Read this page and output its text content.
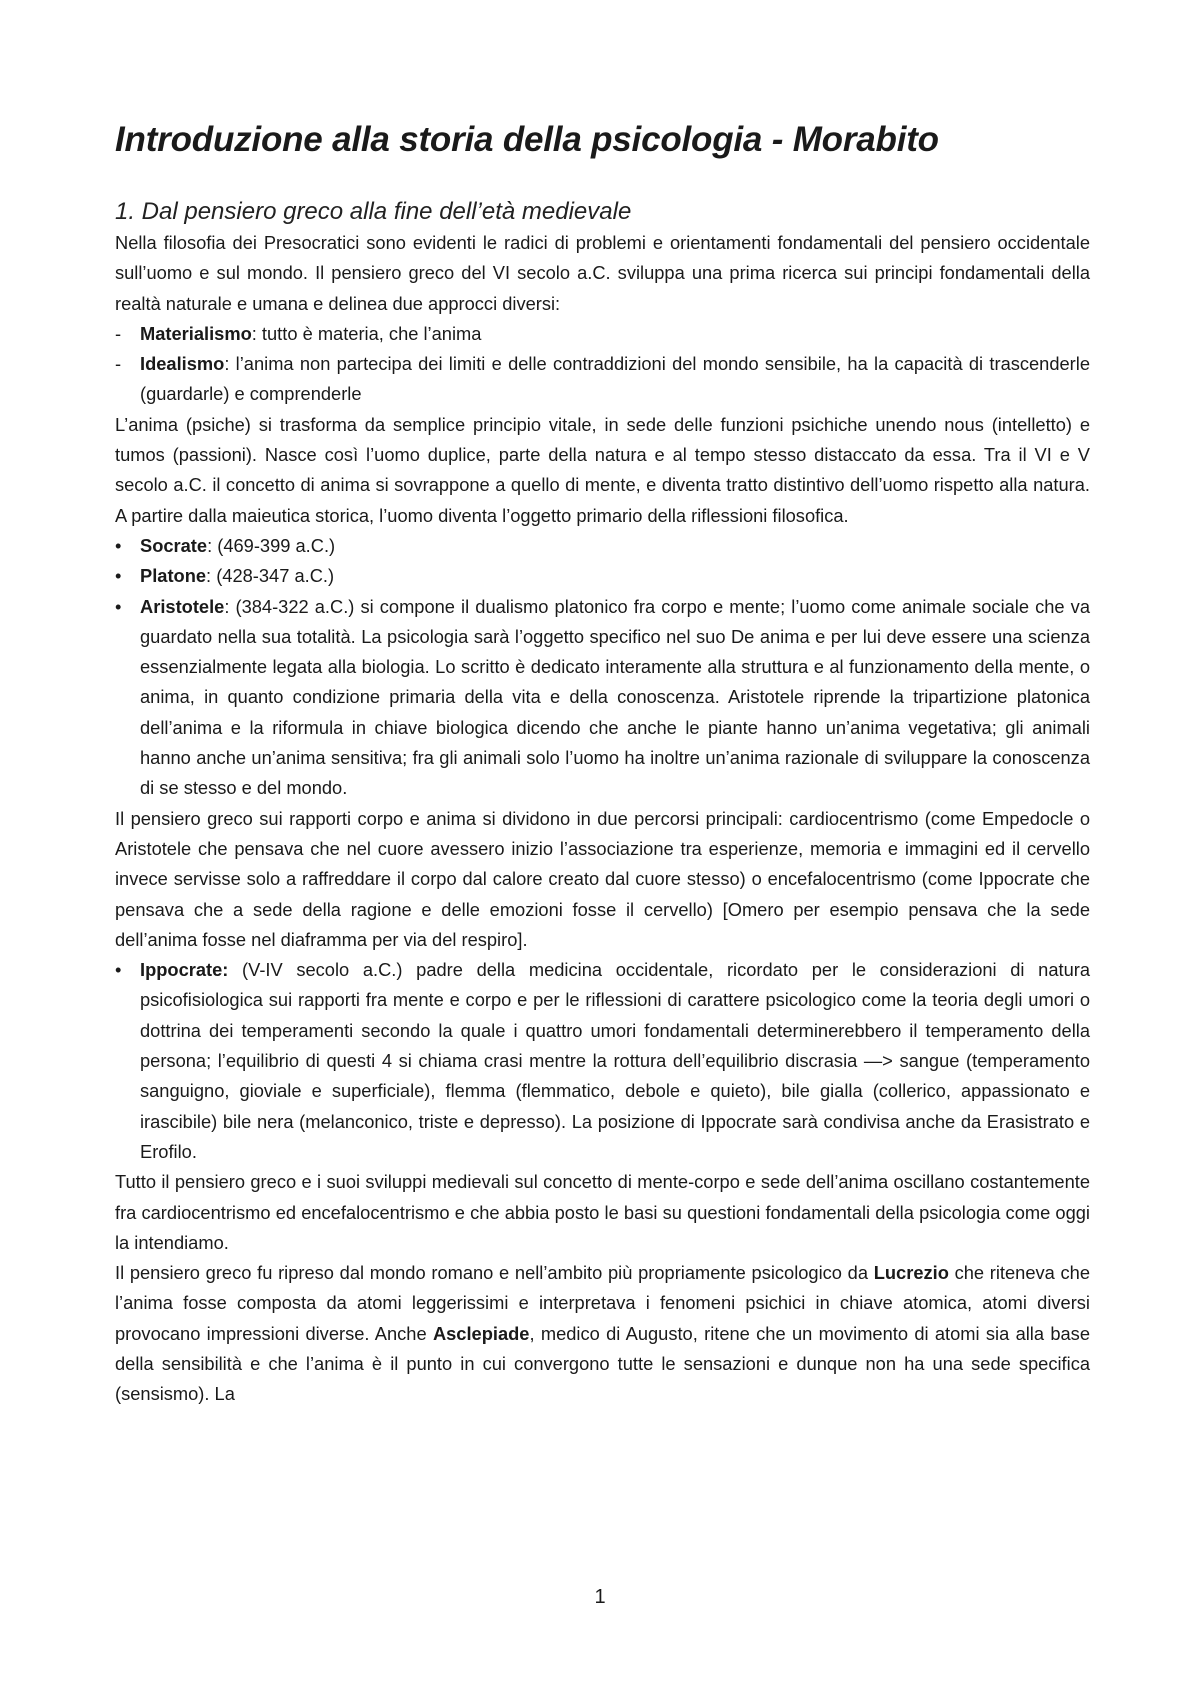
Introduzione alla storia della psicologia - Morabito
1. Dal pensiero greco alla fine dell’età medievale

Nella filosofia dei Presocratici sono evidenti le radici di problemi e orientamenti fondamentali del pensiero occidentale sull’uomo e sul mondo. Il pensiero greco del VI secolo a.C. sviluppa una prima ricerca sui principi fondamentali della realtà naturale e umana e delinea due approcci diversi:

-	Materialismo: tutto è materia, che l’anima
-	Idealismo: l’anima non partecipa dei limiti e delle contraddizioni del mondo sensibile, ha la capacità di trascenderle (guardarle) e comprenderle

L’anima (psiche) si trasforma da semplice principio vitale, in sede delle funzioni psichiche unendo nous (intelletto) e tumos (passioni). Nasce così l’uomo duplice, parte della natura e al tempo stesso distaccato da essa. Tra il VI e V secolo a.C. il concetto di anima si sovrappone a quello di mente, e diventa tratto distintivo dell’uomo rispetto alla natura. A partire dalla maieutica storica, l’uomo diventa l’oggetto primario della riflessioni filosofica.

•	Socrate: (469-399 a.C.)
•	Platone: (428-347 a.C.)
•	Aristotele: (384-322 a.C.) si compone il dualismo platonico fra corpo e mente; l’uomo come animale sociale che va guardato nella sua totalità. La psicologia sarà l’oggetto specifico nel suo De anima e per lui deve essere una scienza essenzialmente legata alla biologia. Lo scritto è dedicato interamente alla struttura e al funzionamento della mente, o anima, in quanto condizione primaria della vita e della conoscenza. Aristotele riprende la tripartizione platonica dell’anima e la riformula in chiave biologica dicendo che anche le piante hanno un’anima vegetativa; gli animali hanno anche un’anima sensitiva; fra gli animali solo l’uomo ha inoltre un’anima razionale di sviluppare la conoscenza di se stesso e del mondo.

Il pensiero greco sui rapporti corpo e anima si dividono in due percorsi principali: cardiocentrismo (come Empedocle o Aristotele che pensava che nel cuore avessero inizio l’associazione tra esperienze, memoria e immagini ed il cervello invece servisse solo a raffreddare il corpo dal calore creato dal cuore stesso) o encefalocentrismo (come Ippocrate che pensava che a sede della ragione e delle emozioni fosse il cervello) [Omero per esempio pensava che la sede dell’anima fosse nel diaframma per via del respiro].

•	Ippocrate: (V-IV secolo a.C.) padre della medicina occidentale, ricordato per le considerazioni di natura psicofisiologica sui rapporti fra mente e corpo e per le riflessioni di carattere psicologico come la teoria degli umori o dottrina dei temperamenti secondo la quale i quattro umori fondamentali determinerebbero il temperamento della persona; l’equilibrio di questi 4 si chiama crasi mentre la rottura dell’equilibrio discrasia —> sangue (temperamento sanguigno, gioviale e superficiale), flemma (flemmatico, debole e quieto), bile gialla (collerico, appassionato e irascibile) bile nera (melanconico, triste e depresso). La posizione di Ippocrate sarà condivisa anche da Erasistrato e Erofilo.

Tutto il pensiero greco e i suoi sviluppi medievali sul concetto di mente-corpo e sede dell’anima oscillano costantemente fra cardiocentrismo ed encefalocentrismo e che abbia posto le basi su questioni fondamentali della psicologia come oggi la intendiamo.

Il pensiero greco fu ripreso dal mondo romano e nell’ambito più propriamente psicologico da Lucrezio che riteneva che l’anima fosse composta da atomi leggerissimi e interpretava i fenomeni psichici in chiave atomica, atomi diversi provocano impressioni diverse. Anche Asclepiade, medico di Augusto, ritene che un movimento di atomi sia alla base della sensibilità e che l’anima è il punto in cui convergono tutte le sensazioni e dunque non ha una sede specifica (sensismo). La

1
